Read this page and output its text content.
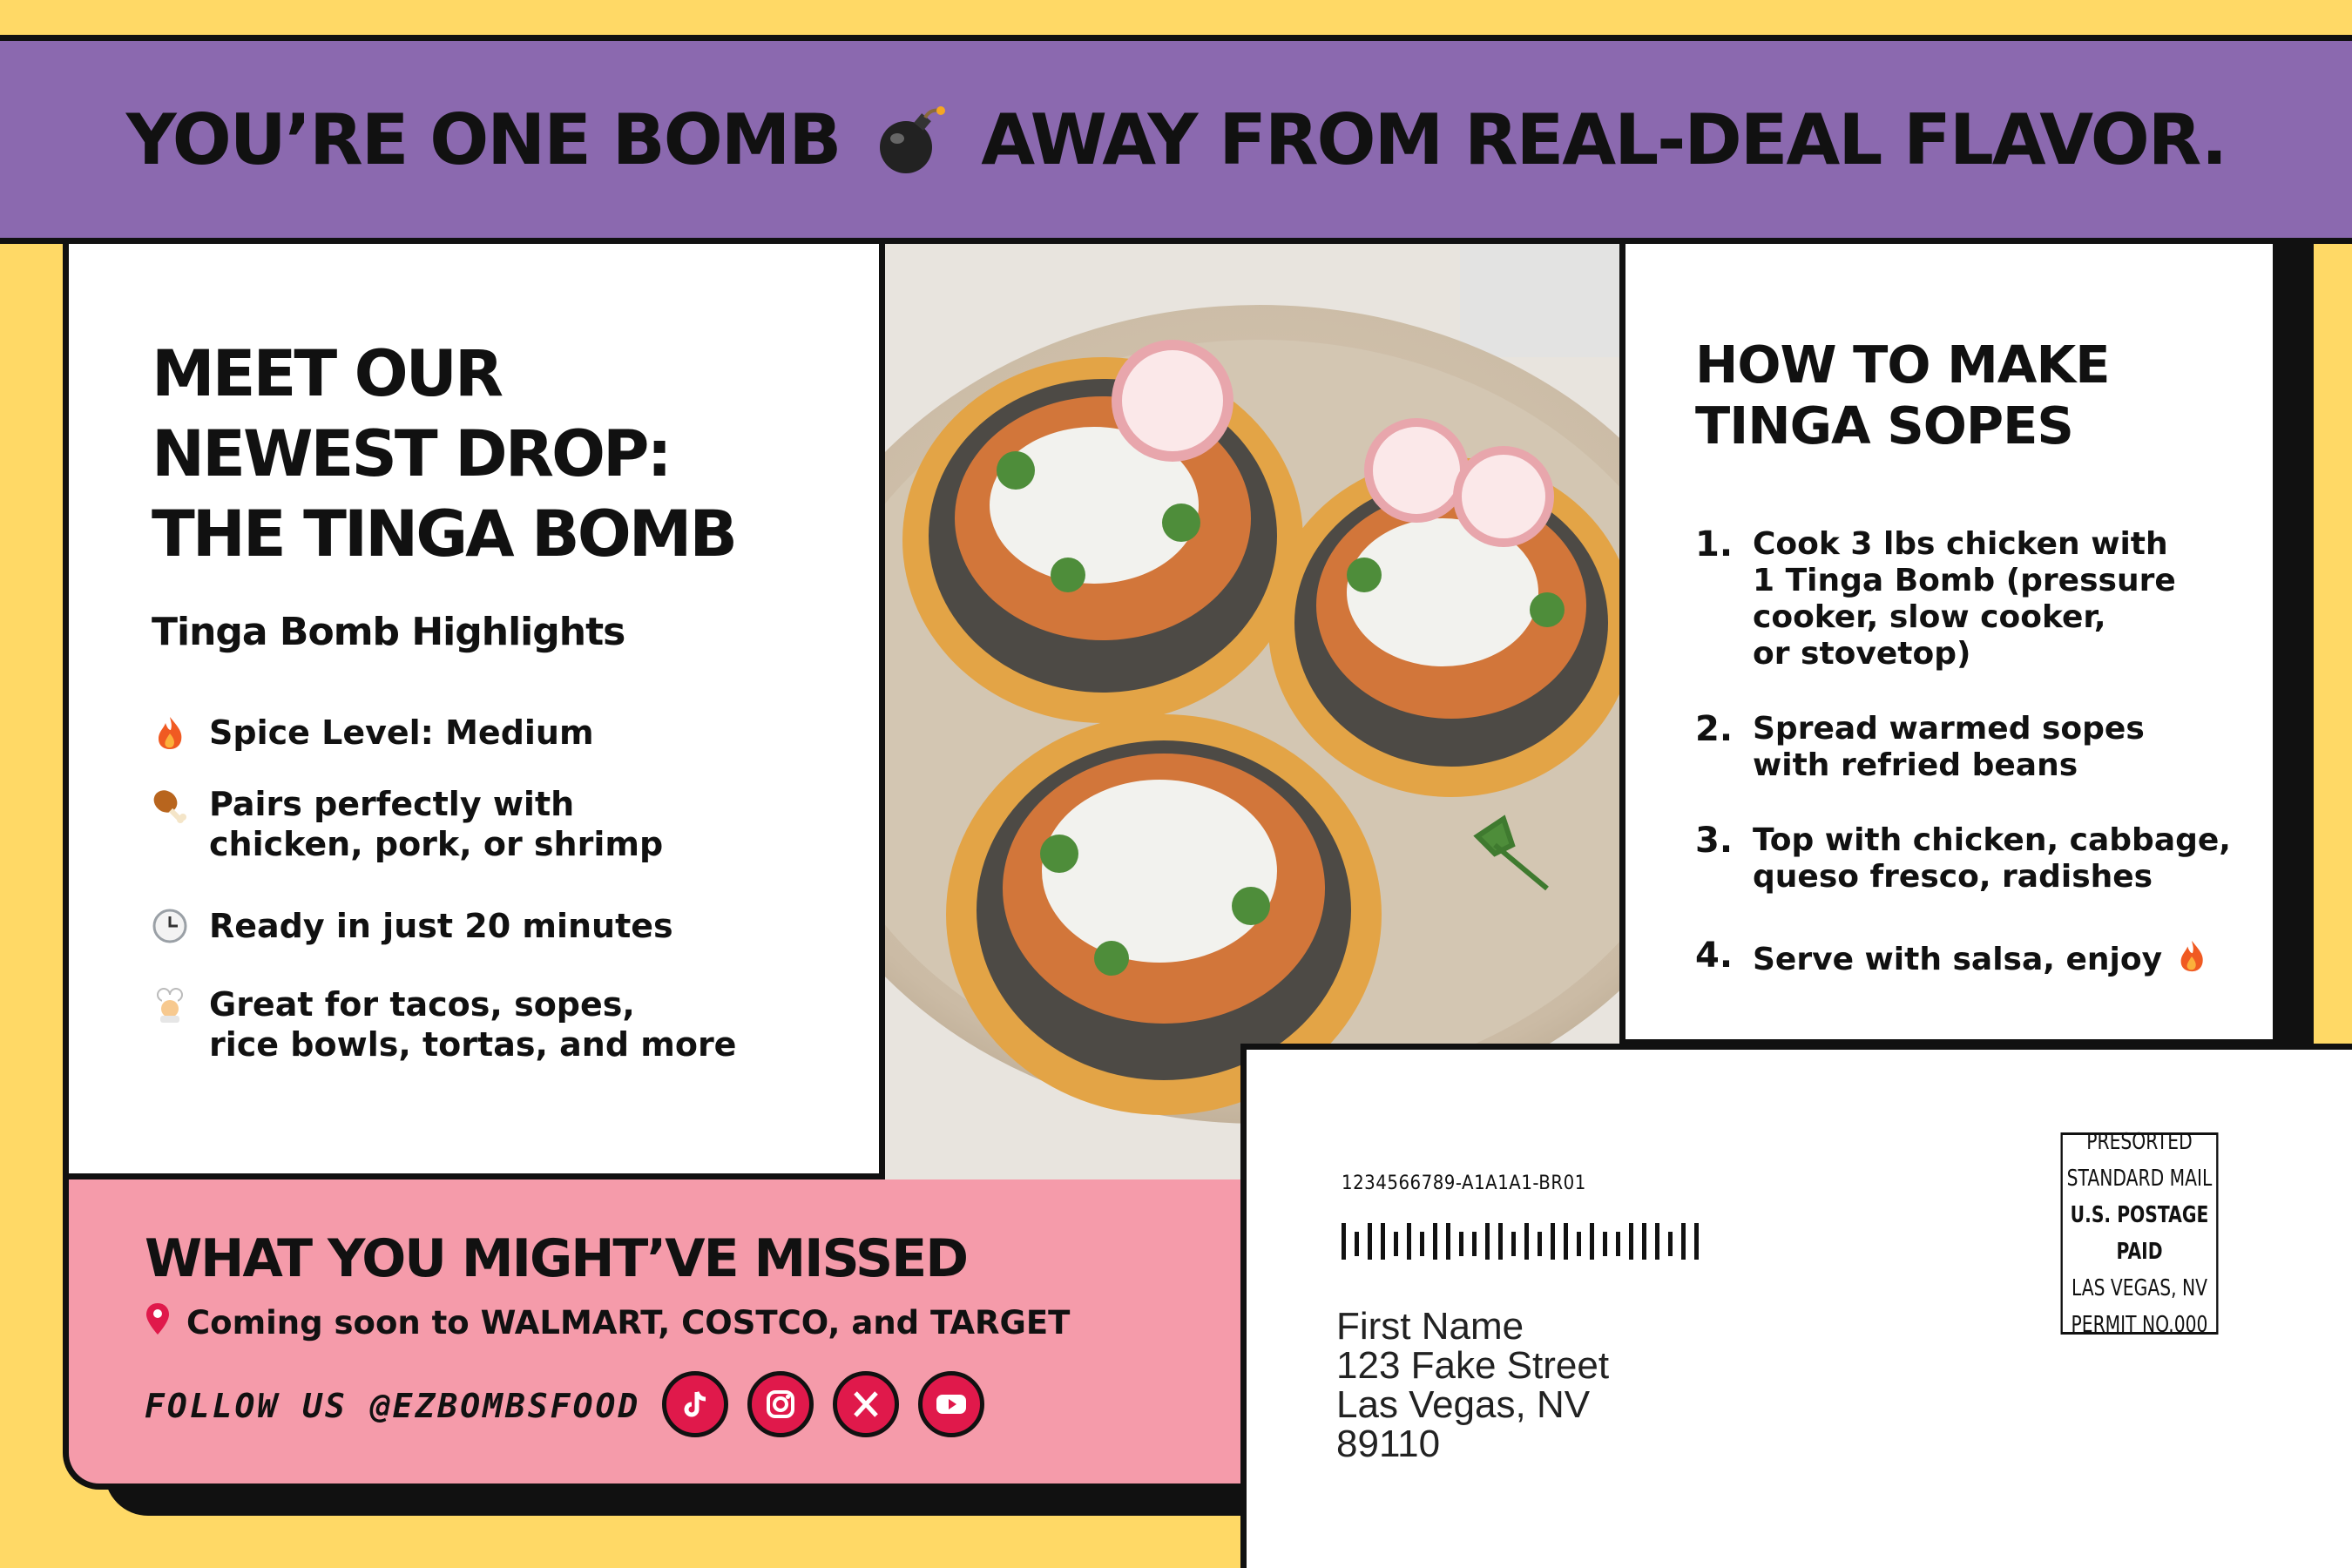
YOU’RE ONE BOMB AWAY FROM REAL-DEAL FLAVOR.
MEET OUR
NEWEST DROP:
THE TINGA BOMB
Tinga Bomb Highlights
Spice Level: Medium
Pairs perfectly with
chicken, pork, or shrimp
Ready in just 20 minutes
Great for tacos, sopes,
rice bowls, tortas, and more
HOW TO MAKE
TINGA SOPES
1. Cook 3 lbs chicken with
1 Tinga Bomb (pressure
cooker, slow cooker,
or stovetop)
2. Spread warmed sopes
with refried beans
3. Top with chicken, cabbage,
queso fresco, radishes
4. Serve with salsa, enjoy
WHAT YOU MIGHT’VE MISSED
Coming soon to WALMART, COSTCO, and TARGET
FOLLOW US @EZBOMBSFOOD
1234566789-A1A1A1-BR01
First Name
123 Fake Street
Las Vegas, NV
89110
PRESORTED
STANDARD MAIL
U.S. POSTAGE PAID
LAS VEGAS, NV
PERMIT NO.000
